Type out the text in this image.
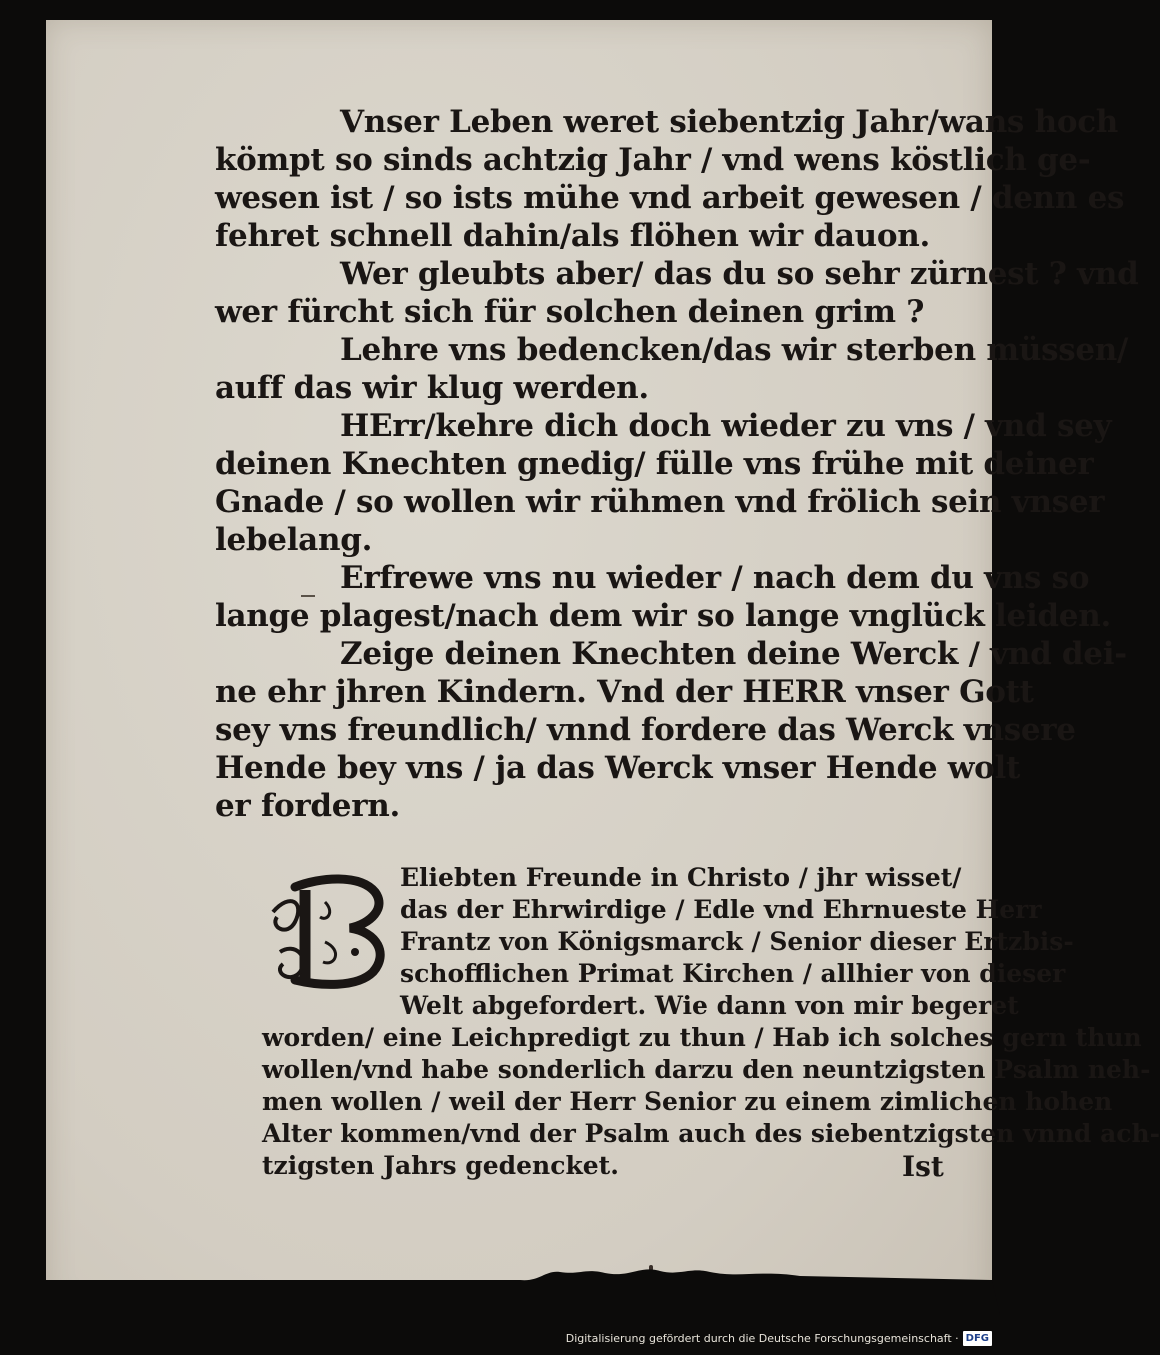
Vnser Leben weret siebentzig Jahr/wans hoch
kömpt so sinds achtzig Jahr / vnd wens köstlich ge-
wesen ist / so ists mühe vnd arbeit gewesen / denn es
fehret schnell dahin/als flöhen wir dauon.
Wer gleubts aber/ das du so sehr zürnest ? vnd
wer fürcht sich für solchen deinen grim ?
Lehre vns bedencken/das wir sterben müssen/
auff das wir klug werden.
HErr/kehre dich doch wieder zu vns / vnd sey
deinen Knechten gnedig/ fülle vns frühe mit deiner
Gnade / so wollen wir rühmen vnd frölich sein vnser
lebelang.
Erfrewe vns nu wieder / nach dem du vns so
lange plagest/nach dem wir so lange vnglück leiden.
Zeige deinen Knechten deine Werck / vnd dei-
ne ehr jhren Kindern. Vnd der HERR vnser Gott
sey vns freundlich/ vnnd fordere das Werck vnsere
Hende bey vns / ja das Werck vnser Hende wolt
er fordern.
Eliebten Freunde in Christo / jhr wisset/
das der Ehrwirdige / Edle vnd Ehrnueste Herr
Frantz von Königsmarck / Senior dieser Ertzbis-
schofflichen Primat Kirchen / allhier von dieser
Welt abgefordert. Wie dann von mir begeret
worden/ eine Leichpredigt zu thun / Hab ich solches gern thun
wollen/vnd habe sonderlich darzu den neuntzigsten Psalm neh-
men wollen / weil der Herr Senior zu einem zimlichen hohen
Alter kommen/vnd der Psalm auch des siebentzigsten vnnd ach-
tzigsten Jahrs gedencket.	Ist
Digitalisierung gefördert durch die Deutsche Forschungsgemeinschaft · DFG
